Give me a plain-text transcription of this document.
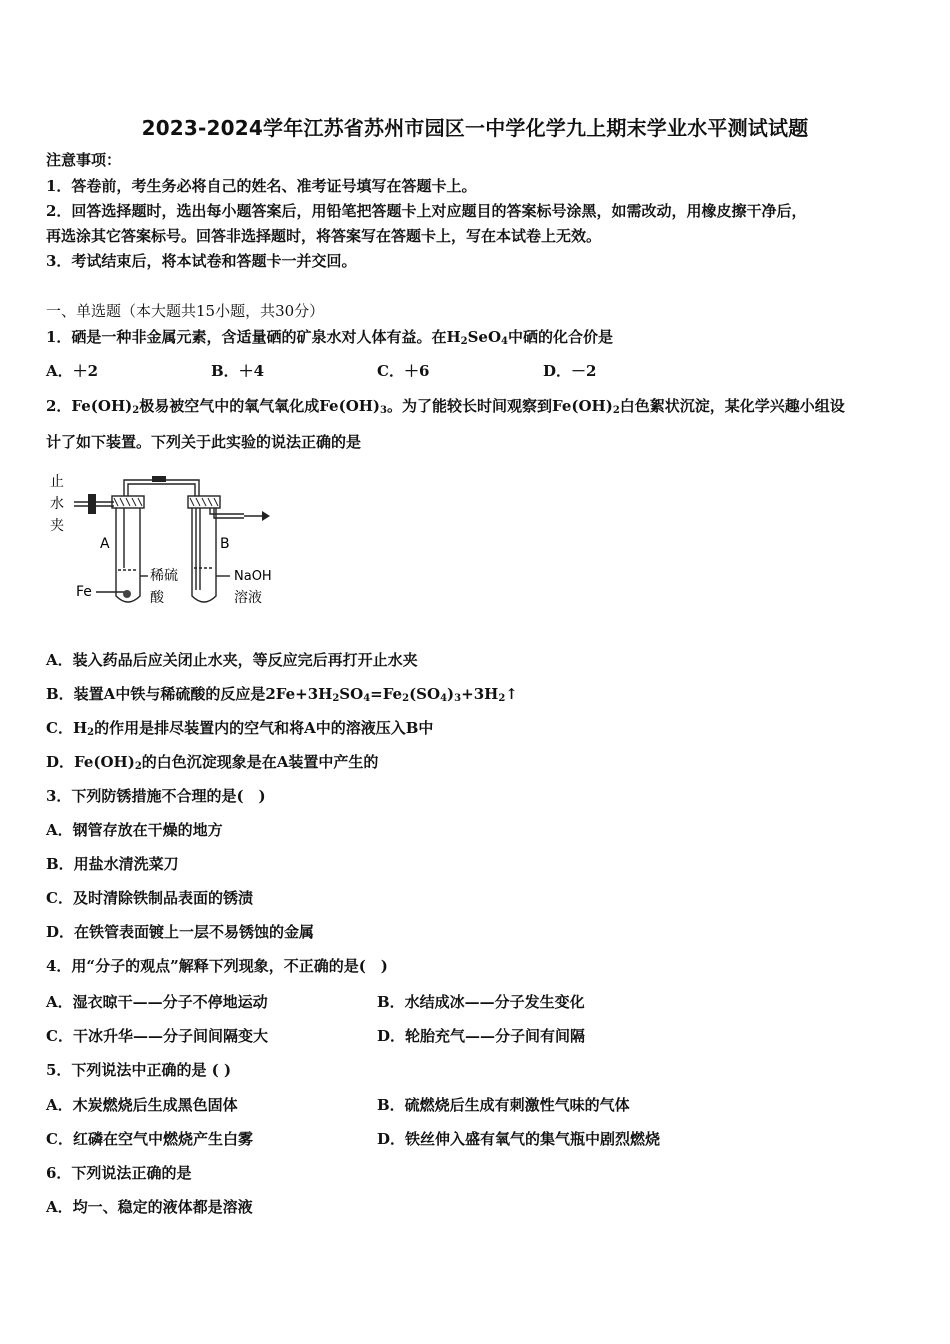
2023-2024学年江苏省苏州市园区一中学化学九上期末学业水平测试试题
注意事项：
1．答卷前，考生务必将自己的姓名、准考证号填写在答题卡上。
2．回答选择题时，选出每小题答案后，用铅笔把答题卡上对应题目的答案标号涂黑，如需改动，用橡皮擦干净后，
再选涂其它答案标号。回答非选择题时，将答案写在答题卡上，写在本试卷上无效。
3．考试结束后，将本试卷和答题卡一并交回。
一、单选题（本大题共15小题，共30分）
1．硒是一种非金属元素，含适量硒的矿泉水对人体有益。在$H_2SeO_4$中硒的化合价是
A．＋2	B．＋4	C．＋6	D．－2
2．$Fe(OH)_2$极易被空气中的氧气氧化成$Fe(OH)_3$。为了能较长时间观察到$Fe(OH)_2$白色絮状沉淀，某化学兴趣小组设
计了如下装置。下列关于此实验的说法正确的是
止
水
夹
A	B
Fe
稀硫
酸
NaOH
溶液
A．装入药品后应关闭止水夹，等反应完后再打开止水夹
B．装置A中铁与稀硫酸的反应是$2Fe+3H_2SO_4=Fe_2(SO_4)_3+3H_2↑$
C．$H_2$的作用是排尽装置内的空气和将A中的溶液压入B中
D．$Fe(OH)_2$的白色沉淀现象是在A装置中产生的
3．下列防锈措施不合理的是(　)
A．钢管存放在干燥的地方
B．用盐水清洗菜刀
C．及时清除铁制品表面的锈渍
D．在铁管表面镀上一层不易锈蚀的金属
4．用“分子的观点”解释下列现象，不正确的是(　)
A．湿衣晾干——分子不停地运动	B．水结成冰——分子发生变化
C．干冰升华——分子间间隔变大	D．轮胎充气——分子间有间隔
5．下列说法中正确的是 ( )
A．木炭燃烧后生成黑色固体	B．硫燃烧后生成有刺激性气味的气体
C．红磷在空气中燃烧产生白雾	D．铁丝伸入盛有氧气的集气瓶中剧烈燃烧
6．下列说法正确的是
A．均一、稳定的液体都是溶液
